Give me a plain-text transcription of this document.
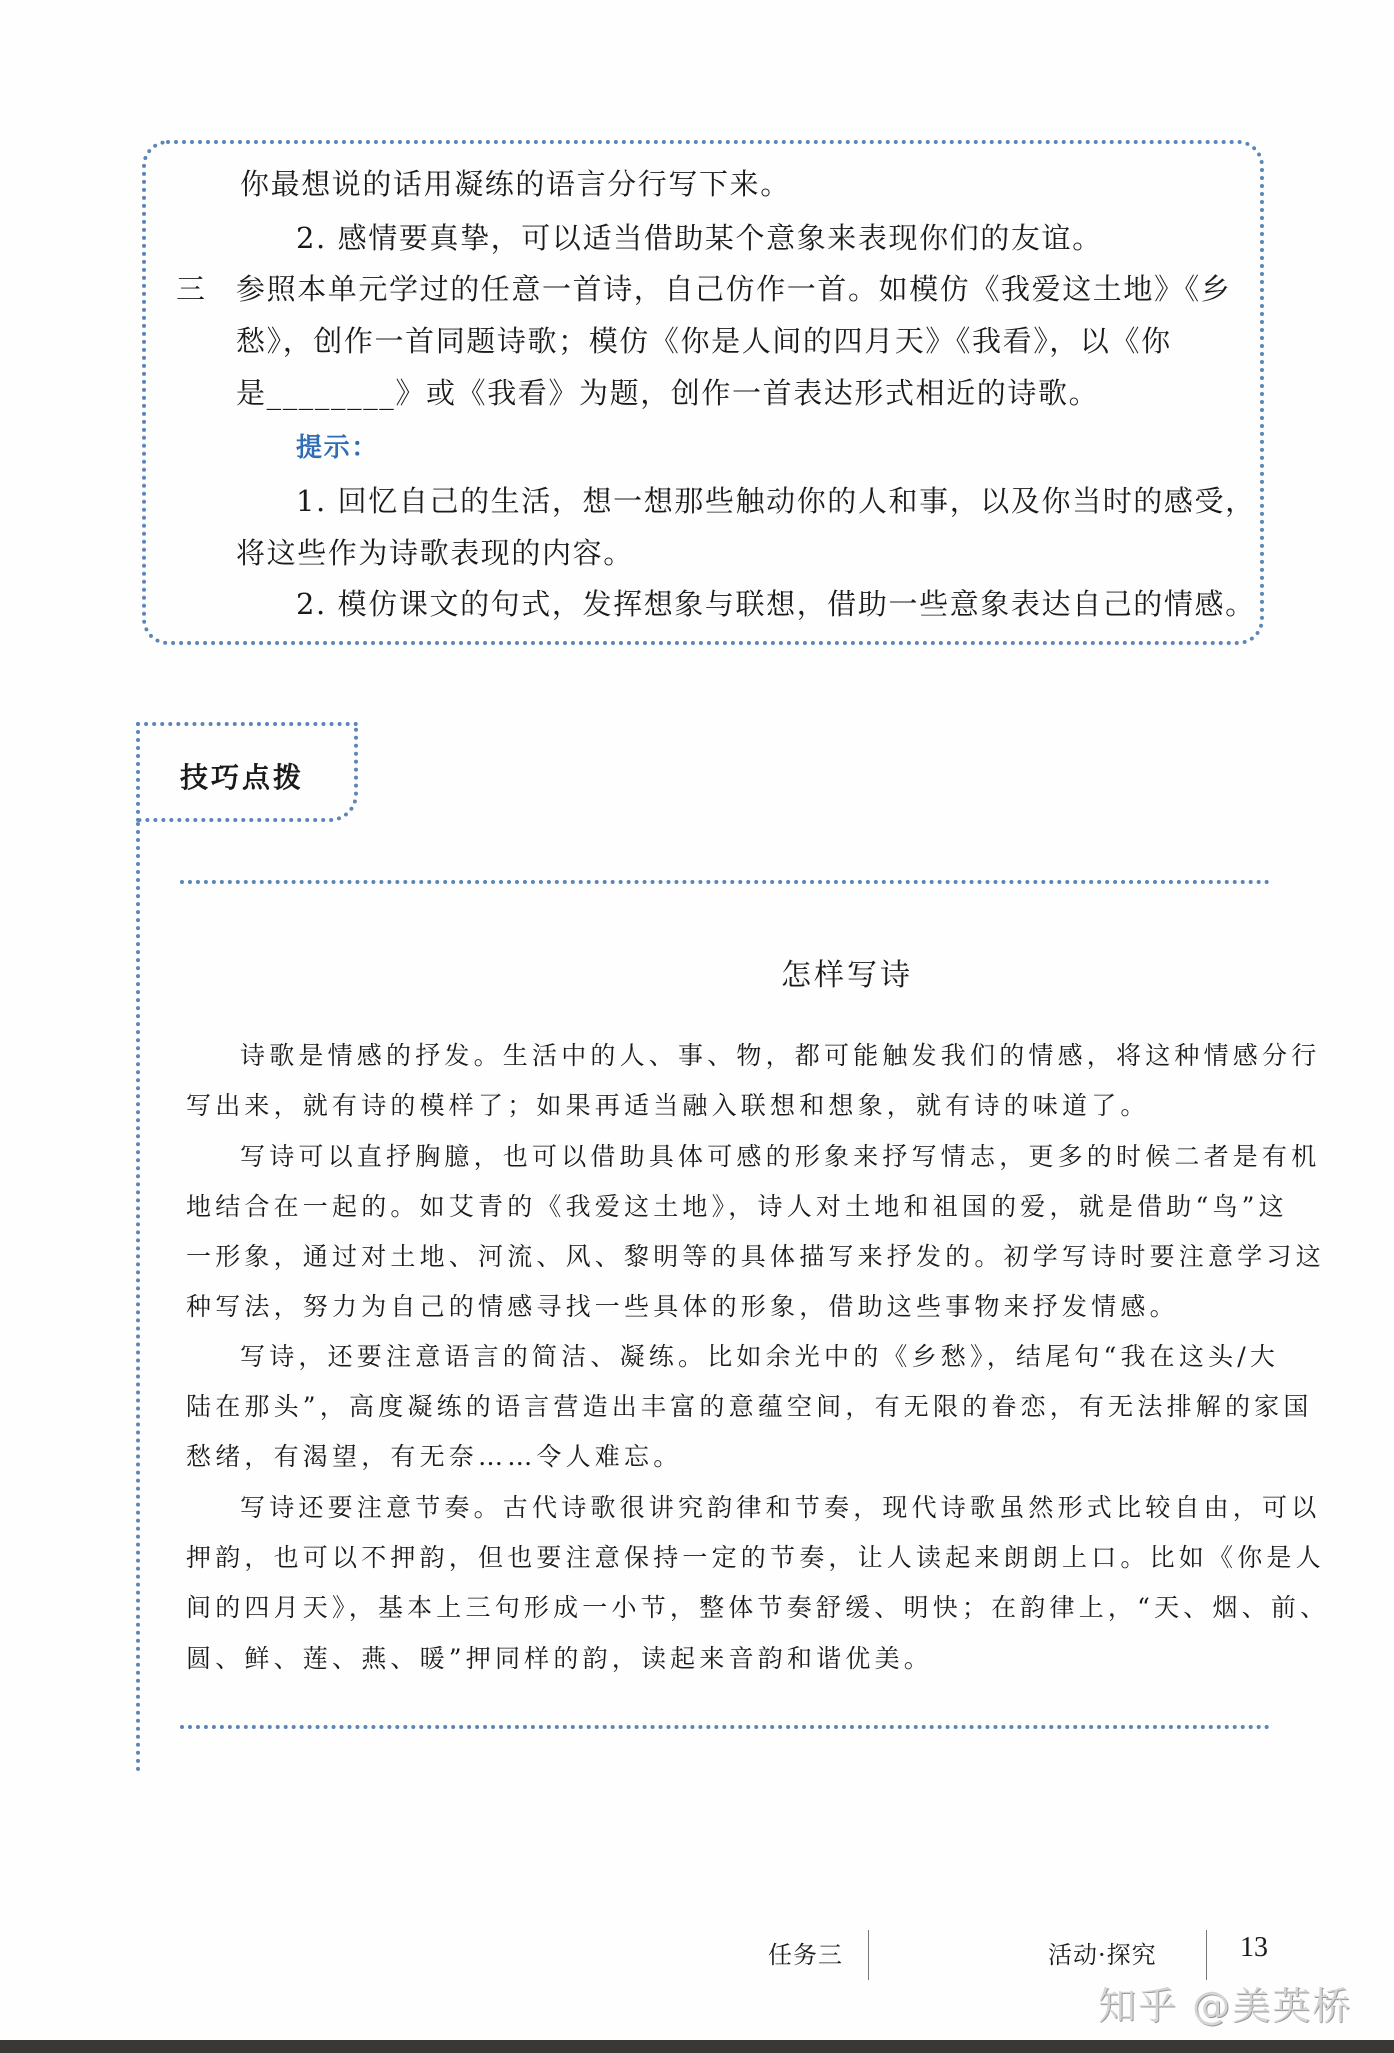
你最想说的话用凝练的语言分行写下来。
2. 感情要真挚，可以适当借助某个意象来表现你们的友谊。
三 参照本单元学过的任意一首诗，自己仿作一首。如模仿《我爱这土地》《乡
愁》，创作一首同题诗歌；模仿《你是人间的四月天》《我看》，以《你
是________》或《我看》为题，创作一首表达形式相近的诗歌。
提示：
1. 回忆自己的生活，想一想那些触动你的人和事，以及你当时的感受，
将这些作为诗歌表现的内容。
2. 模仿课文的句式，发挥想象与联想，借助一些意象表达自己的情感。
技巧点拨
怎样写诗
诗歌是情感的抒发。生活中的人、事、物，都可能触发我们的情感，将这种情感分行
写出来，就有诗的模样了；如果再适当融入联想和想象，就有诗的味道了。
写诗可以直抒胸臆，也可以借助具体可感的形象来抒写情志，更多的时候二者是有机
地结合在一起的。如艾青的《我爱这土地》，诗人对土地和祖国的爱，就是借助“鸟”这
一形象，通过对土地、河流、风、黎明等的具体描写来抒发的。初学写诗时要注意学习这
种写法，努力为自己的情感寻找一些具体的形象，借助这些事物来抒发情感。
写诗，还要注意语言的简洁、凝练。比如余光中的《乡愁》，结尾句“我在这头/大
陆在那头”，高度凝练的语言营造出丰富的意蕴空间，有无限的眷恋，有无法排解的家国
愁绪，有渴望，有无奈……令人难忘。
写诗还要注意节奏。古代诗歌很讲究韵律和节奏，现代诗歌虽然形式比较自由，可以
押韵，也可以不押韵，但也要注意保持一定的节奏，让人读起来朗朗上口。比如《你是人
间的四月天》，基本上三句形成一小节，整体节奏舒缓、明快；在韵律上，“天、烟、前、
圆、鲜、莲、燕、暖”押同样的韵，读起来音韵和谐优美。
任务三	活动·探究	13
知乎 @美英桥
